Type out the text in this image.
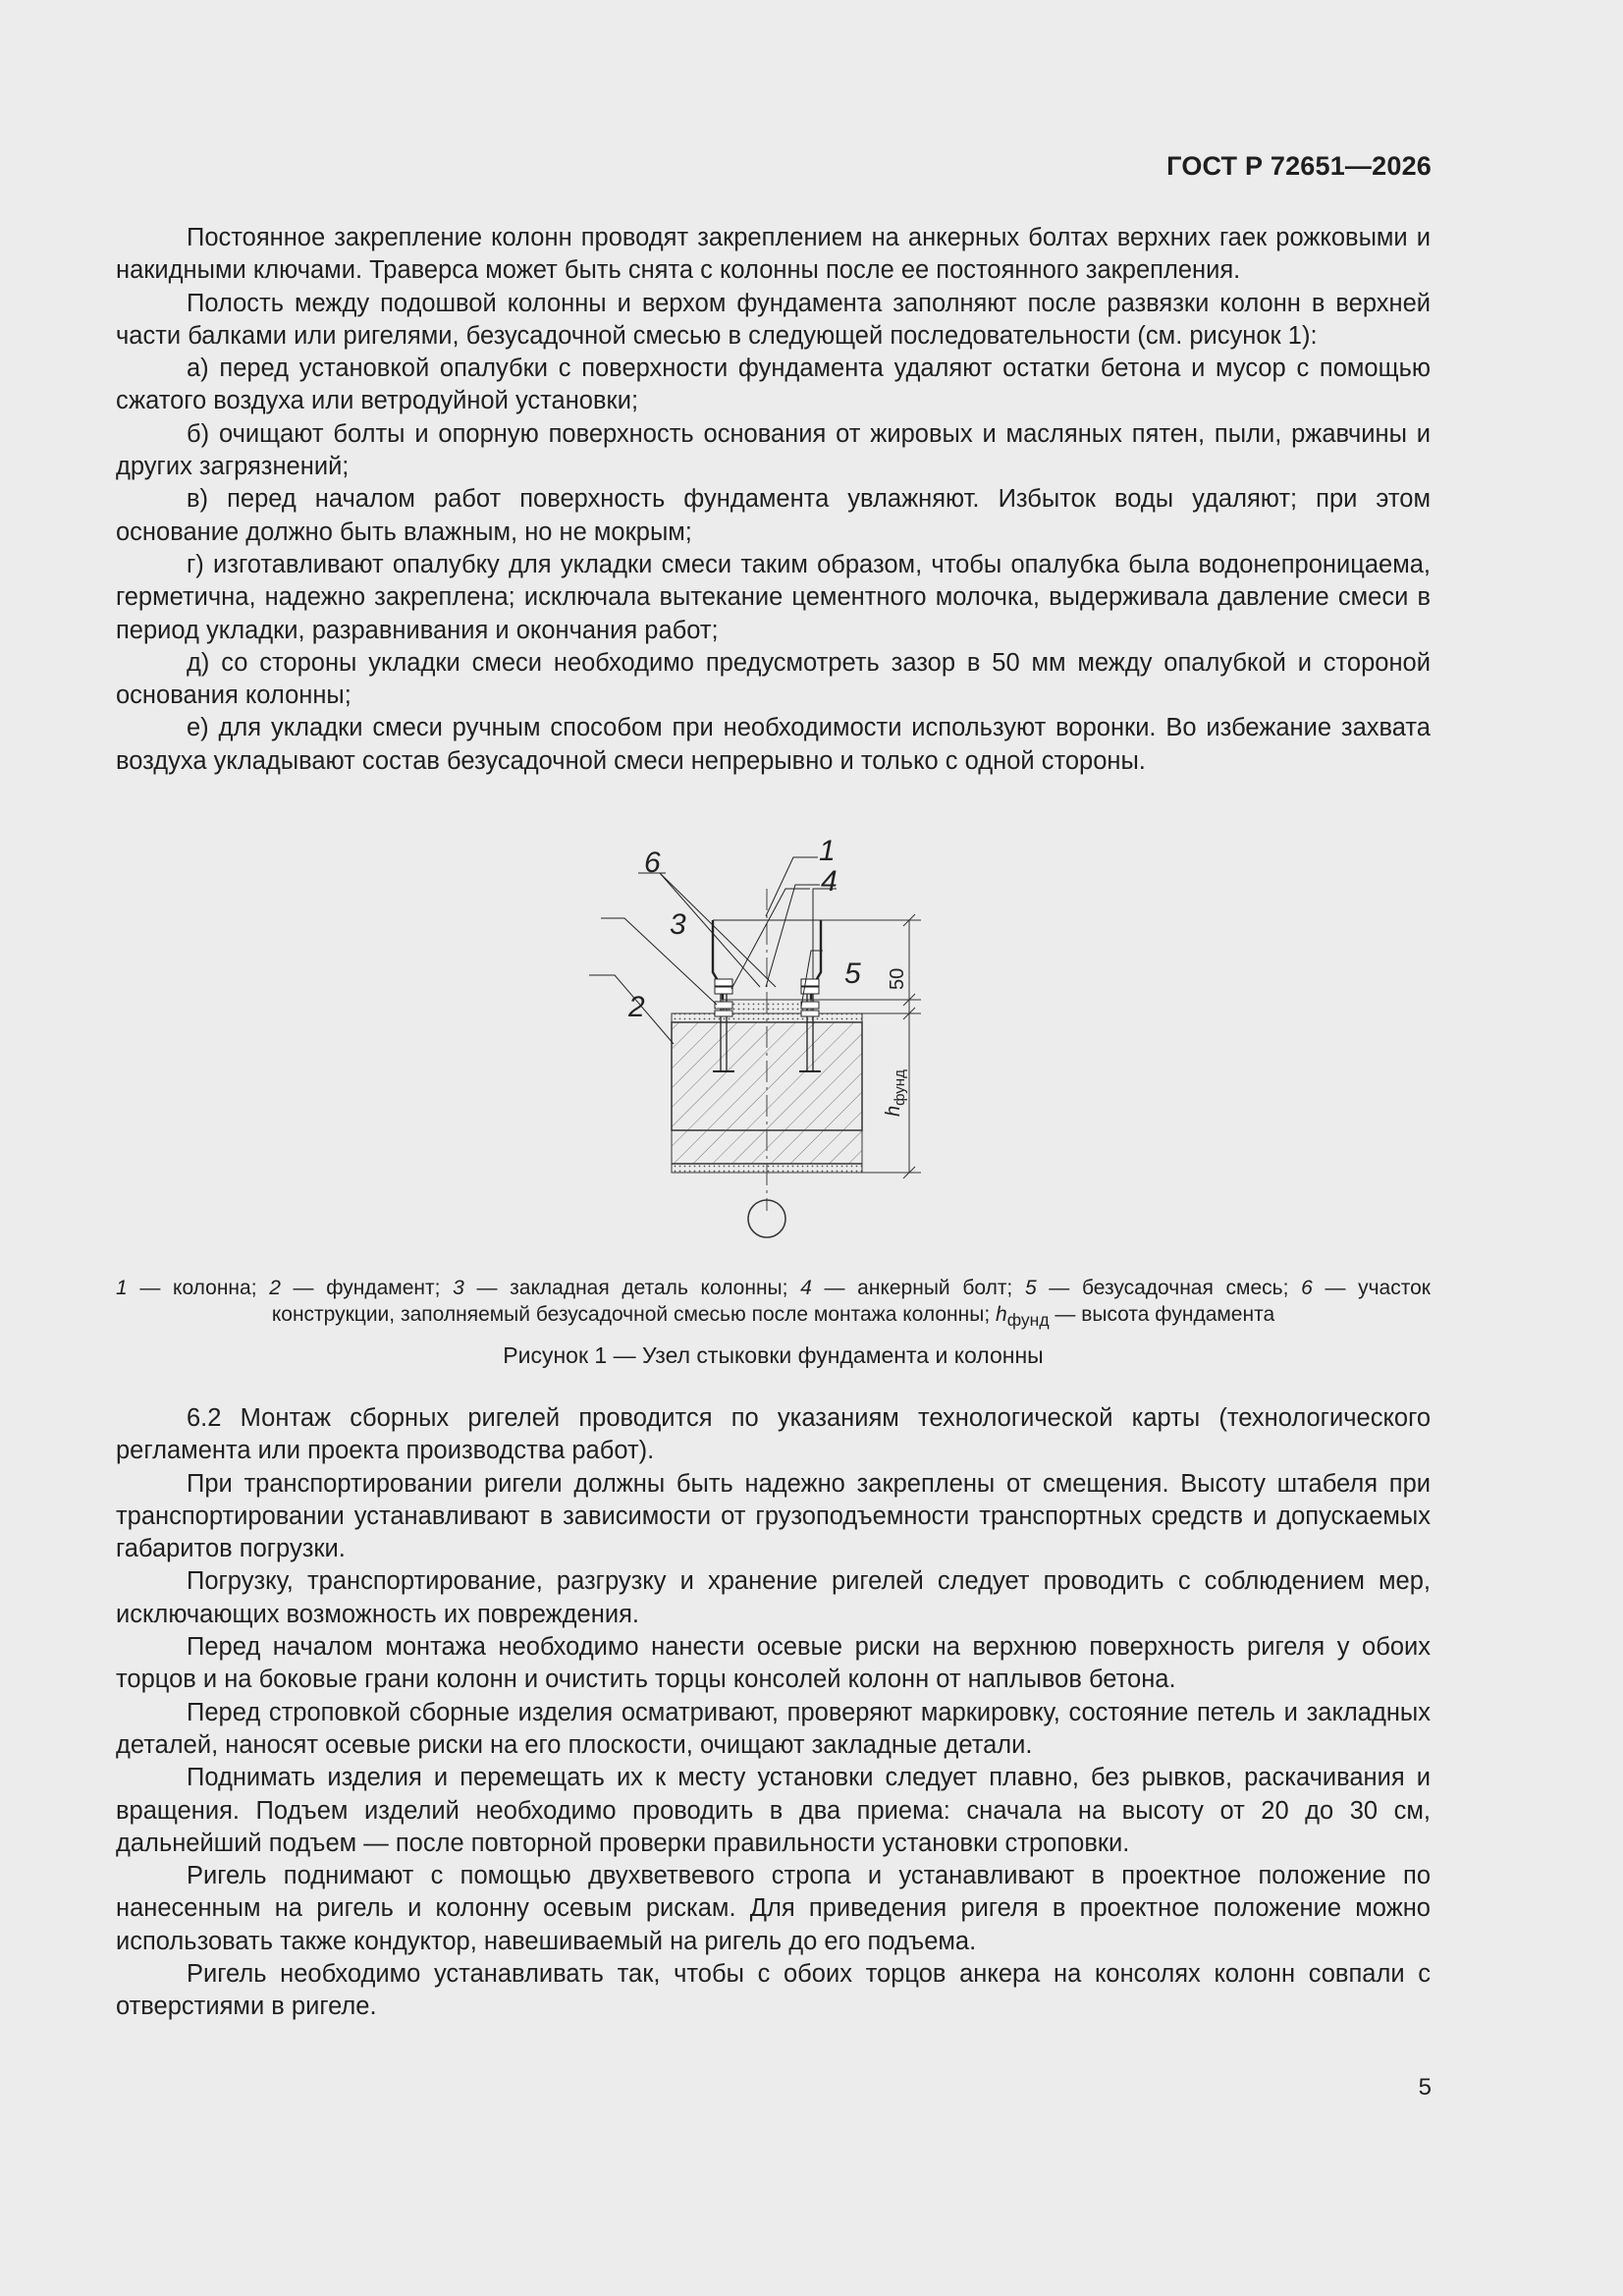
ГОСТ Р 72651—2026

Постоянное закрепление колонн проводят закреплением на анкерных болтах верхних гаек рожковыми и накидными ключами. Траверса может быть снята с колонны после ее постоянного закрепления.

Полость между подошвой колонны и верхом фундамента заполняют после развязки колонн в верхней части балками или ригелями, безусадочной смесью в следующей последовательности (см. рисунок 1):

а) перед установкой опалубки с поверхности фундамента удаляют остатки бетона и мусор с помощью сжатого воздуха или ветродуйной установки;

б) очищают болты и опорную поверхность основания от жировых и масляных пятен, пыли, ржавчины и других загрязнений;

в) перед началом работ поверхность фундамента увлажняют. Избыток воды удаляют; при этом основание должно быть влажным, но не мокрым;

г) изготавливают опалубку для укладки смеси таким образом, чтобы опалубка была водонепроницаема, герметична, надежно закреплена; исключала вытекание цементного молочка, выдерживала давление смеси в период укладки, разравнивания и окончания работ;

д) со стороны укладки смеси необходимо предусмотреть зазор в 50 мм между опалубкой и стороной основания колонны;

е) для укладки смеси ручным способом при необходимости используют воронки. Во избежание захвата воздуха укладывают состав безусадочной смеси непрерывно и только с одной стороны.

6	1
4
3
5
2
50
$h_{фунд}$
1 — колонна; 2 — фундамент; 3 — закладная деталь колонны; 4 — анкерный болт; 5 — безусадочная смесь; 6 — участок
конструкции, заполняемый безусадочной смесью после монтажа колонны; $h_{фунд}$ — высота фундамента
Рисунок 1 — Узел стыковки фундамента и колонны

6.2 Монтаж сборных ригелей проводится по указаниям технологической карты (технологического регламента или проекта производства работ).

При транспортировании ригели должны быть надежно закреплены от смещения. Высоту штабеля при транспортировании устанавливают в зависимости от грузоподъемности транспортных средств и допускаемых габаритов погрузки.

Погрузку, транспортирование, разгрузку и хранение ригелей следует проводить с соблюдением мер, исключающих возможность их повреждения.

Перед началом монтажа необходимо нанести осевые риски на верхнюю поверхность ригеля у обоих торцов и на боковые грани колонн и очистить торцы консолей колонн от наплывов бетона.

Перед строповкой сборные изделия осматривают, проверяют маркировку, состояние петель и закладных деталей, наносят осевые риски на его плоскости, очищают закладные детали.

Поднимать изделия и перемещать их к месту установки следует плавно, без рывков, раскачивания и вращения. Подъем изделий необходимо проводить в два приема: сначала на высоту от 20 до 30 см, дальнейший подъем — после повторной проверки правильности установки строповки.

Ригель поднимают с помощью двухветвевого стропа и устанавливают в проектное положение по нанесенным на ригель и колонну осевым рискам. Для приведения ригеля в проектное положение можно использовать также кондуктор, навешиваемый на ригель до его подъема.

Ригель необходимо устанавливать так, чтобы с обоих торцов анкера на консолях колонн совпали с отверстиями в ригеле.

5
